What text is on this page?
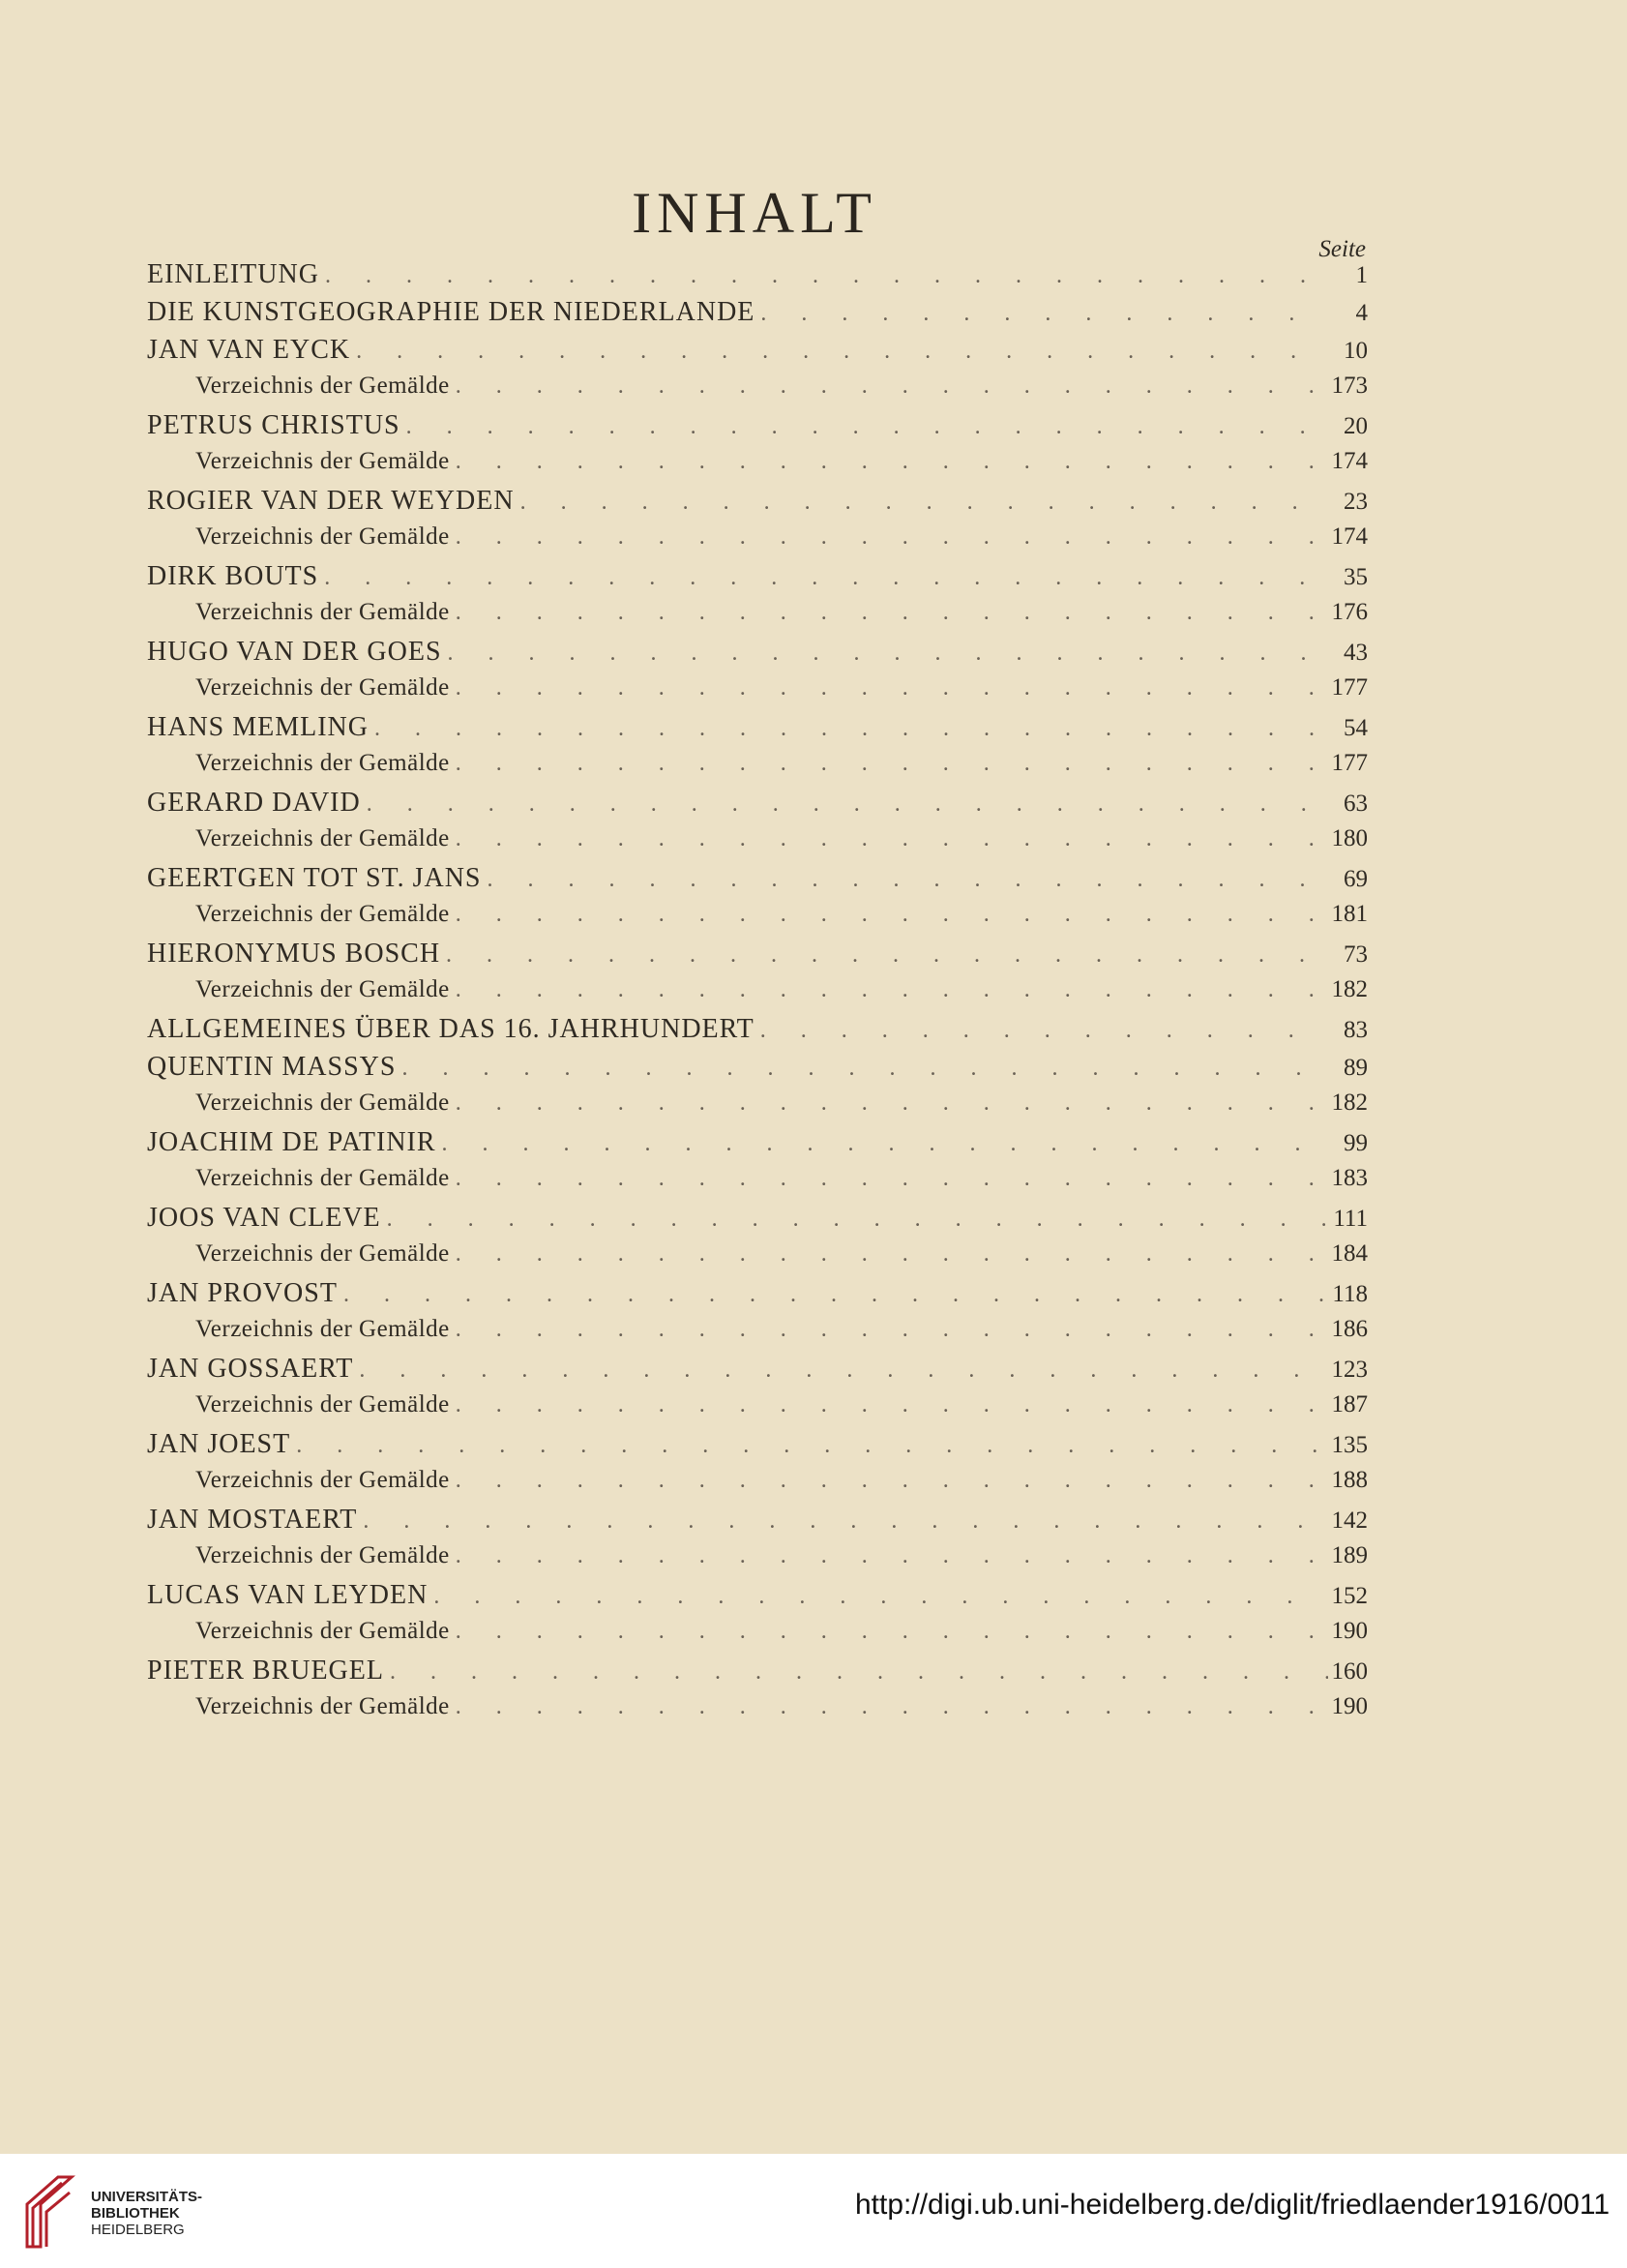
INHALT
Seite
EINLEITUNG . . .	1
DIE KUNSTGEOGRAPHIE DER NIEDERLANDE . . .	4
JAN VAN EYCK . . .	10
Verzeichnis der Gemälde . . .	173
PETRUS CHRISTUS . . .	20
Verzeichnis der Gemälde . . .	174
ROGIER VAN DER WEYDEN . . .	23
Verzeichnis der Gemälde . . .	174
DIRK BOUTS . . .	35
Verzeichnis der Gemälde . . .	176
HUGO VAN DER GOES . . .	43
Verzeichnis der Gemälde . . .	177
HANS MEMLING . . .	54
Verzeichnis der Gemälde . . .	177
GERARD DAVID . . .	63
Verzeichnis der Gemälde . . .	180
GEERTGEN TOT ST. JANS . . .	69
Verzeichnis der Gemälde . . .	181
HIERONYMUS BOSCH . . .	73
Verzeichnis der Gemälde . . .	182
ALLGEMEINES ÜBER DAS 16. JAHRHUNDERT . . .	83
QUENTIN MASSYS . . .	89
Verzeichnis der Gemälde . . .	182
JOACHIM DE PATINIR . . .	99
Verzeichnis der Gemälde . . .	183
JOOS VAN CLEVE . . .	111
Verzeichnis der Gemälde . . .	184
JAN PROVOST . . .	118
Verzeichnis der Gemälde . . .	186
JAN GOSSAERT . . .	123
Verzeichnis der Gemälde . . .	187
JAN JOEST . . .	135
Verzeichnis der Gemälde . . .	188
JAN MOSTAERT . . .	142
Verzeichnis der Gemälde . . .	189
LUCAS VAN LEYDEN . . .	152
Verzeichnis der Gemälde . . .	190
PIETER BRUEGEL . . .	160
Verzeichnis der Gemälde . . .	190
UNIVERSITÄTS-
BIBLIOTHEK
HEIDELBERG
http://digi.ub.uni-heidelberg.de/diglit/friedlaender1916/0011
